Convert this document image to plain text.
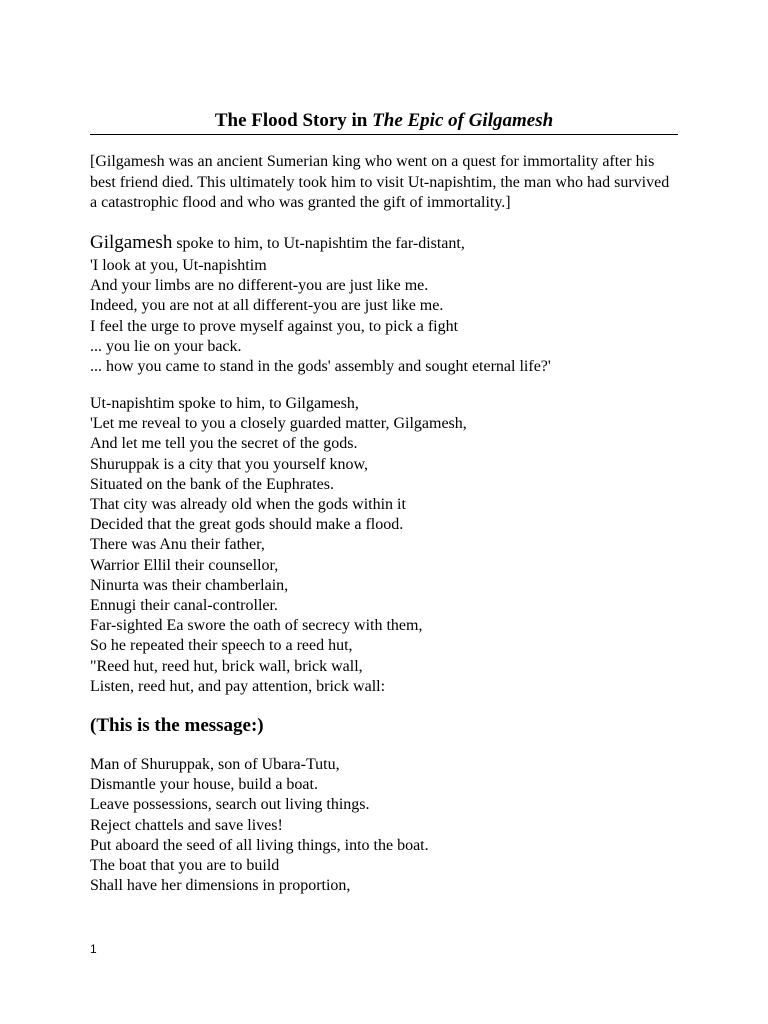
The Flood Story in The Epic of Gilgamesh

[Gilgamesh was an ancient Sumerian king who went on a quest for immortality after his best friend died. This ultimately took him to visit Ut-napishtim, the man who had survived a catastrophic flood and who was granted the gift of immortality.]

Gilgamesh spoke to him, to Ut-napishtim the far-distant,
'I look at you, Ut-napishtim
And your limbs are no different-you are just like me.
Indeed, you are not at all different-you are just like me.
I feel the urge to prove myself against you, to pick a fight
... you lie on your back.
... how you came to stand in the gods' assembly and sought eternal life?'
Ut-napishtim spoke to him, to Gilgamesh,
'Let me reveal to you a closely guarded matter, Gilgamesh,
And let me tell you the secret of the gods.
Shuruppak is a city that you yourself know,
Situated on the bank of the Euphrates.
That city was already old when the gods within it
Decided that the great gods should make a flood.
There was Anu their father,
Warrior Ellil their counsellor,
Ninurta was their chamberlain,
Ennugi their canal-controller.
Far-sighted Ea swore the oath of secrecy with them,
So he repeated their speech to a reed hut,
"Reed hut, reed hut, brick wall, brick wall,
Listen, reed hut, and pay attention, brick wall:
(This is the message:)
Man of Shuruppak, son of Ubara-Tutu,
Dismantle your house, build a boat.
Leave possessions, search out living things.
Reject chattels and save lives!
Put aboard the seed of all living things, into the boat.
The boat that you are to build
Shall have her dimensions in proportion,
1
